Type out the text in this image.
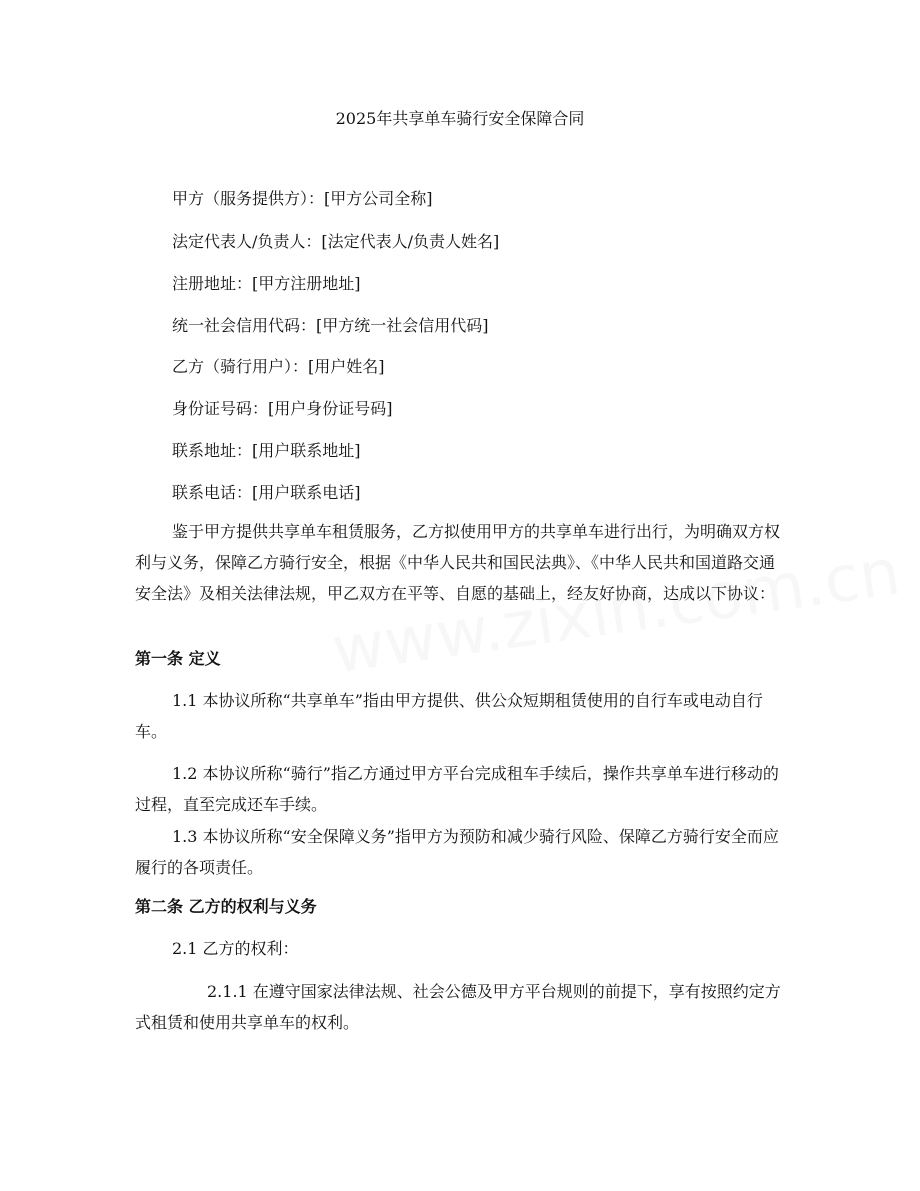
2025年共享单车骑行安全保障合同
甲方（服务提供方）：[甲方公司全称]
法定代表人/负责人：[法定代表人/负责人姓名]
注册地址：[甲方注册地址]
统一社会信用代码：[甲方统一社会信用代码]
乙方（骑行用户）：[用户姓名]
身份证号码：[用户身份证号码]
联系地址：[用户联系地址]
联系电话：[用户联系电话]
鉴于甲方提供共享单车租赁服务，乙方拟使用甲方的共享单车进行出行，为明确双方权利与义务，保障乙方骑行安全，根据《中华人民共和国民法典》、《中华人民共和国道路交通安全法》及相关法律法规，甲乙双方在平等、自愿的基础上，经友好协商，达成以下协议：
第一条 定义
1.1 本协议所称“共享单车”指由甲方提供、供公众短期租赁使用的自行车或电动自行车。
1.2 本协议所称“骑行”指乙方通过甲方平台完成租车手续后，操作共享单车进行移动的过程，直至完成还车手续。
1.3 本协议所称“安全保障义务”指甲方为预防和减少骑行风险、保障乙方骑行安全而应履行的各项责任。
第二条 乙方的权利与义务
2.1 乙方的权利：
2.1.1 在遵守国家法律法规、社会公德及甲方平台规则的前提下，享有按照约定方式租赁和使用共享单车的权利。
